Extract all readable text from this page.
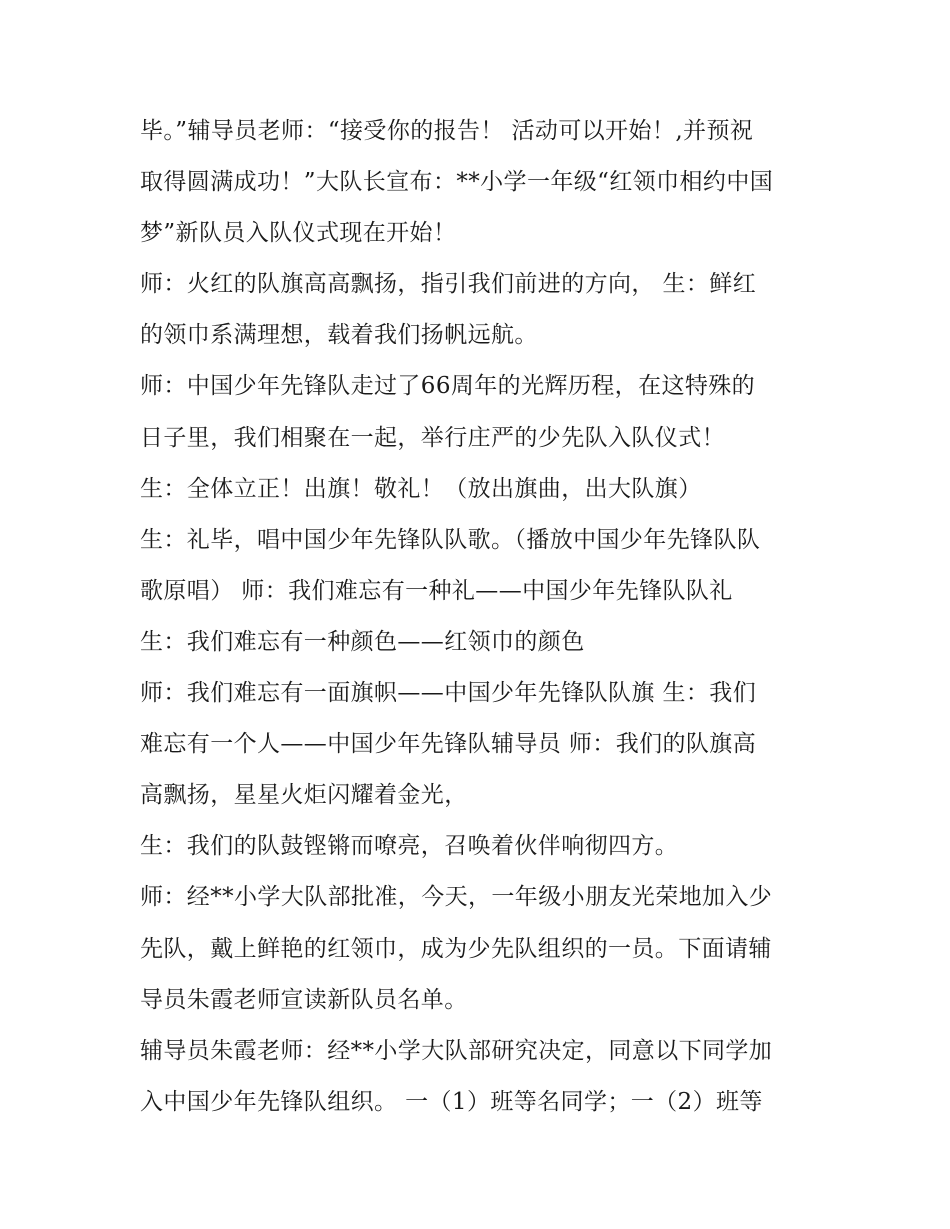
毕。”辅导员老师：“接受你的报告！ 活动可以开始！,并预祝
取得圆满成功！”大队长宣布：**小学一年级“红领巾相约中国
梦”新队员入队仪式现在开始！
师：火红的队旗高高飘扬，指引我们前进的方向， 生：鲜红
的领巾系满理想，载着我们扬帆远航。
师：中国少年先锋队走过了66周年的光辉历程，在这特殊的
日子里，我们相聚在一起，举行庄严的少先队入队仪式！
生：全体立正！出旗！敬礼！（放出旗曲，出大队旗）
生：礼毕，唱中国少年先锋队队歌。（播放中国少年先锋队队
歌原唱） 师：我们难忘有一种礼——中国少年先锋队队礼
生：我们难忘有一种颜色——红领巾的颜色
师：我们难忘有一面旗帜——中国少年先锋队队旗 生：我们
难忘有一个人——中国少年先锋队辅导员 师：我们的队旗高
高飘扬，星星火炬闪耀着金光，
生：我们的队鼓铿锵而嘹亮，召唤着伙伴响彻四方。
师：经**小学大队部批准，今天，一年级小朋友光荣地加入少
先队，戴上鲜艳的红领巾，成为少先队组织的一员。下面请辅
导员朱霞老师宣读新队员名单。
辅导员朱霞老师：经**小学大队部研究决定，同意以下同学加
入中国少年先锋队组织。 一（1）班等名同学；一（2）班等
